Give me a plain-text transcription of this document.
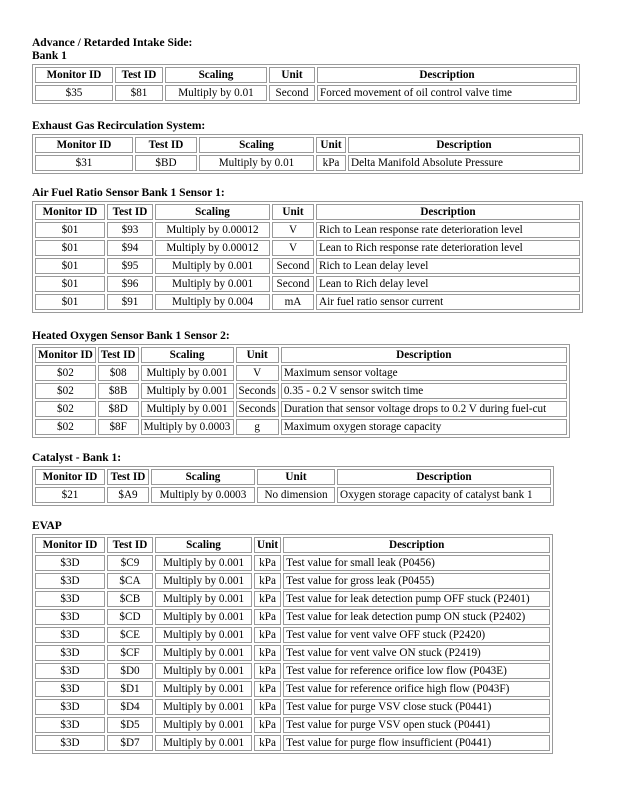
Advance / Retarded Intake Side:

Bank 1

Monitor ID	Test ID	Scaling	Unit	Description
$35	$81	Multiply by 0.01	Second	Forced movement of oil control valve time

Exhaust Gas Recirculation System:

Monitor ID	Test ID	Scaling	Unit	Description
$31	$BD	Multiply by 0.01	kPa	Delta Manifold Absolute Pressure

Air Fuel Ratio Sensor Bank 1 Sensor 1:

Monitor ID	Test ID	Scaling	Unit	Description
$01	$93	Multiply by 0.00012	V	Rich to Lean response rate deterioration level
$01	$94	Multiply by 0.00012	V	Lean to Rich response rate deterioration level
$01	$95	Multiply by 0.001	Second	Rich to Lean delay level
$01	$96	Multiply by 0.001	Second	Lean to Rich delay level
$01	$91	Multiply by 0.004	mA	Air fuel ratio sensor current

Heated Oxygen Sensor Bank 1 Sensor 2:

Monitor ID	Test ID	Scaling	Unit	Description
$02	$08	Multiply by 0.001	V	Maximum sensor voltage
$02	$8B	Multiply by 0.001	Seconds	0.35 - 0.2 V sensor switch time
$02	$8D	Multiply by 0.001	Seconds	Duration that sensor voltage drops to 0.2 V during fuel-cut
$02	$8F	Multiply by 0.0003	g	Maximum oxygen storage capacity

Catalyst - Bank 1:

Monitor ID	Test ID	Scaling	Unit	Description
$21	$A9	Multiply by 0.0003	No dimension	Oxygen storage capacity of catalyst bank 1

EVAP

Monitor ID	Test ID	Scaling	Unit	Description
$3D	$C9	Multiply by 0.001	kPa	Test value for small leak (P0456)
$3D	$CA	Multiply by 0.001	kPa	Test value for gross leak (P0455)
$3D	$CB	Multiply by 0.001	kPa	Test value for leak detection pump OFF stuck (P2401)
$3D	$CD	Multiply by 0.001	kPa	Test value for leak detection pump ON stuck (P2402)
$3D	$CE	Multiply by 0.001	kPa	Test value for vent valve OFF stuck (P2420)
$3D	$CF	Multiply by 0.001	kPa	Test value for vent valve ON stuck (P2419)
$3D	$D0	Multiply by 0.001	kPa	Test value for reference orifice low flow (P043E)
$3D	$D1	Multiply by 0.001	kPa	Test value for reference orifice high flow (P043F)
$3D	$D4	Multiply by 0.001	kPa	Test value for purge VSV close stuck (P0441)
$3D	$D5	Multiply by 0.001	kPa	Test value for purge VSV open stuck (P0441)
$3D	$D7	Multiply by 0.001	kPa	Test value for purge flow insufficient (P0441)
